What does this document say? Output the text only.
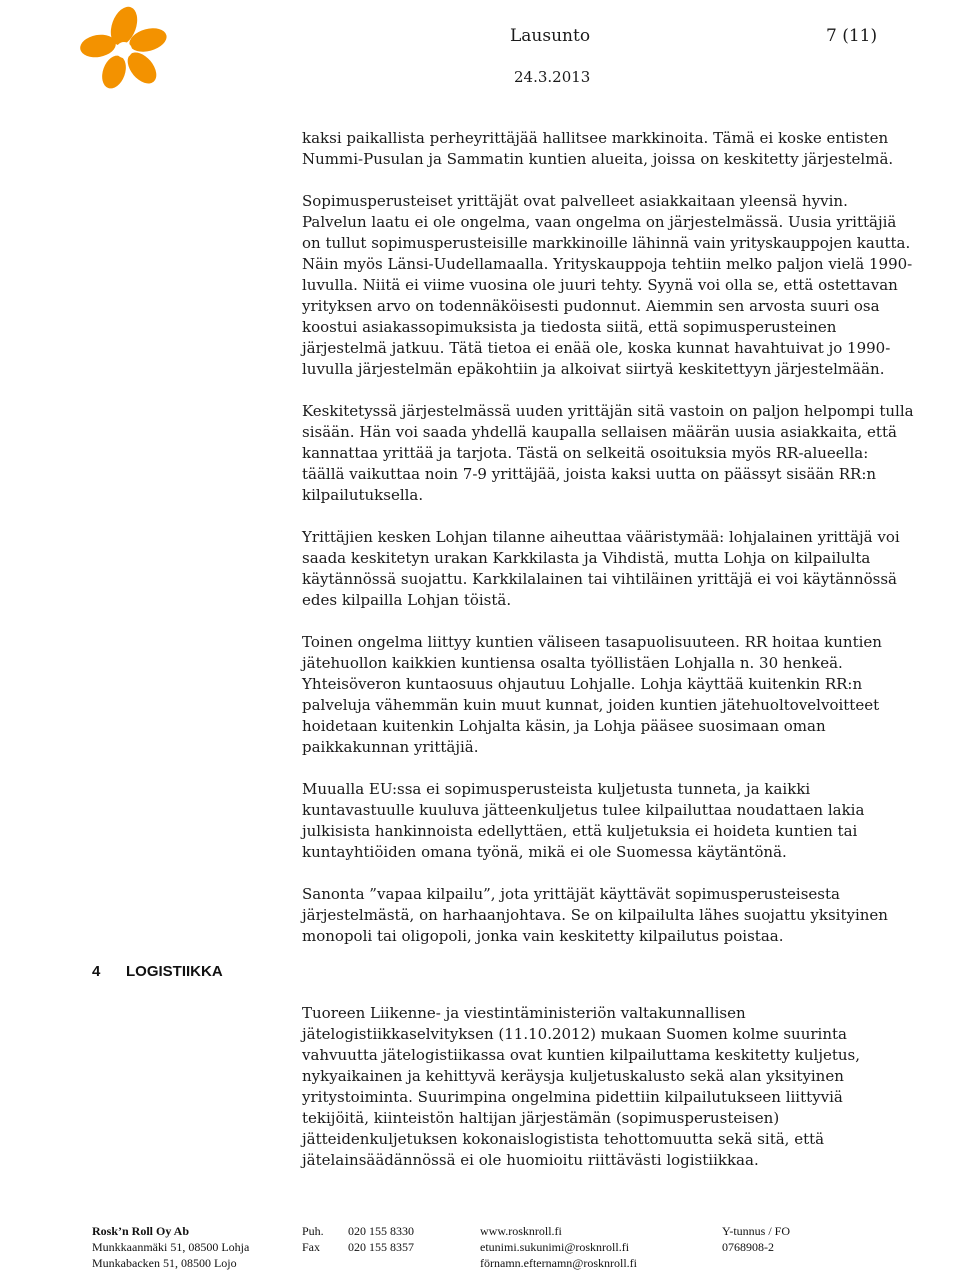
Lausunto	7 (11)
24.3.2013

kaksi paikallista perheyrittäjää hallitsee markkinoita. Tämä ei koske entisten Nummi-Pusulan ja Sammatin kuntien alueita, joissa on keskitetty järjestelmä.

Sopimusperusteiset yrittäjät ovat palvelleet asiakkaitaan yleensä hyvin. Palvelun laatu ei ole ongelma, vaan ongelma on järjestelmässä. Uusia yrittäjiä on tullut sopimusperusteisille markkinoille lähinnä vain yrityskauppojen kautta. Näin myös Länsi-Uudellamaalla. Yrityskauppoja tehtiin melko paljon vielä 1990-luvulla. Niitä ei viime vuosina ole juuri tehty. Syynä voi olla se, että ostettavan yrityksen arvo on todennäköisesti pudonnut. Aiemmin sen arvosta suuri osa koostui asiakassopimuksista ja tiedosta siitä, että sopimusperusteinen järjestelmä jatkuu. Tätä tietoa ei enää ole, koska kunnat havahtuivat jo 1990-luvulla järjestelmän epäkohtiin ja alkoivat siirtyä keskitettyyn järjestelmään.

Keskitetyssä järjestelmässä uuden yrittäjän sitä vastoin on paljon helpompi tulla sisään. Hän voi saada yhdellä kaupalla sellaisen määrän uusia asiakkaita, että kannattaa yrittää ja tarjota. Tästä on selkeitä osoituksia myös RR-alueella: täällä vaikuttaa noin 7-9 yrittäjää, joista kaksi uutta on päässyt sisään RR:n kilpailutuksella.

Yrittäjien kesken Lohjan tilanne aiheuttaa vääristymää: lohjalainen yrittäjä voi saada keskitetyn urakan Karkkilasta ja Vihdistä, mutta Lohja on kilpailulta käytännössä suojattu. Karkkilalainen tai vihtiläinen yrittäjä ei voi käytännössä edes kilpailla Lohjan töistä.

Toinen ongelma liittyy kuntien väliseen tasapuolisuuteen. RR hoitaa kuntien jätehuollon kaikkien kuntiensa osalta työllistäen Lohjalla n. 30 henkeä. Yhteisöveron kuntaosuus ohjautuu Lohjalle. Lohja käyttää kuitenkin RR:n palveluja vähemmän kuin muut kunnat, joiden kuntien jätehuoltovelvoitteet hoidetaan kuitenkin Lohjalta käsin, ja Lohja pääsee suosimaan oman paikkakunnan yrittäjiä.

Muualla EU:ssa ei sopimusperusteista kuljetusta tunneta, ja kaikki kuntavastuulle kuuluva jätteenkuljetus tulee kilpailuttaa noudattaen lakia julkisista hankinnoista edellyttäen, että kuljetuksia ei hoideta kuntien tai kuntayhtiöiden omana työnä, mikä ei ole Suomessa käytäntönä.

Sanonta ”vapaa kilpailu”, jota yrittäjät käyttävät sopimusperusteisesta järjestelmästä, on harhaanjohtava. Se on kilpailulta lähes suojattu yksityinen monopoli tai oligopoli, jonka vain keskitetty kilpailutus poistaa.

4 LOGISTIIKKA

Tuoreen Liikenne- ja viestintäministeriön valtakunnallisen jätelogistiikkaselvityksen (11.10.2012) mukaan Suomen kolme suurinta vahvuutta jätelogistiikassa ovat kuntien kilpailuttama keskitetty kuljetus, nykyaikainen ja kehittyvä keräysja kuljetuskalusto sekä alan yksityinen yritystoiminta. Suurimpina ongelmina pidettiin kilpailutukseen liittyviä tekijöitä, kiinteistön haltijan järjestämän (sopimusperusteisen) jätteidenkuljetuksen kokonaislogistista tehottomuutta sekä sitä, että jätelainsäädännössä ei ole huomioitu riittävästi logistiikkaa.

Rosk’n Roll Oy Ab
Munkkaanmäki 51, 08500 Lohja
Munkabacken 51, 08500 Lojo
Puh. 020 155 8330
Fax 020 155 8357
www.rosknroll.fi
etunimi.sukunimi@rosknroll.fi
förnamn.efternamn@rosknroll.fi
Y-tunnus / FO
0768908-2
